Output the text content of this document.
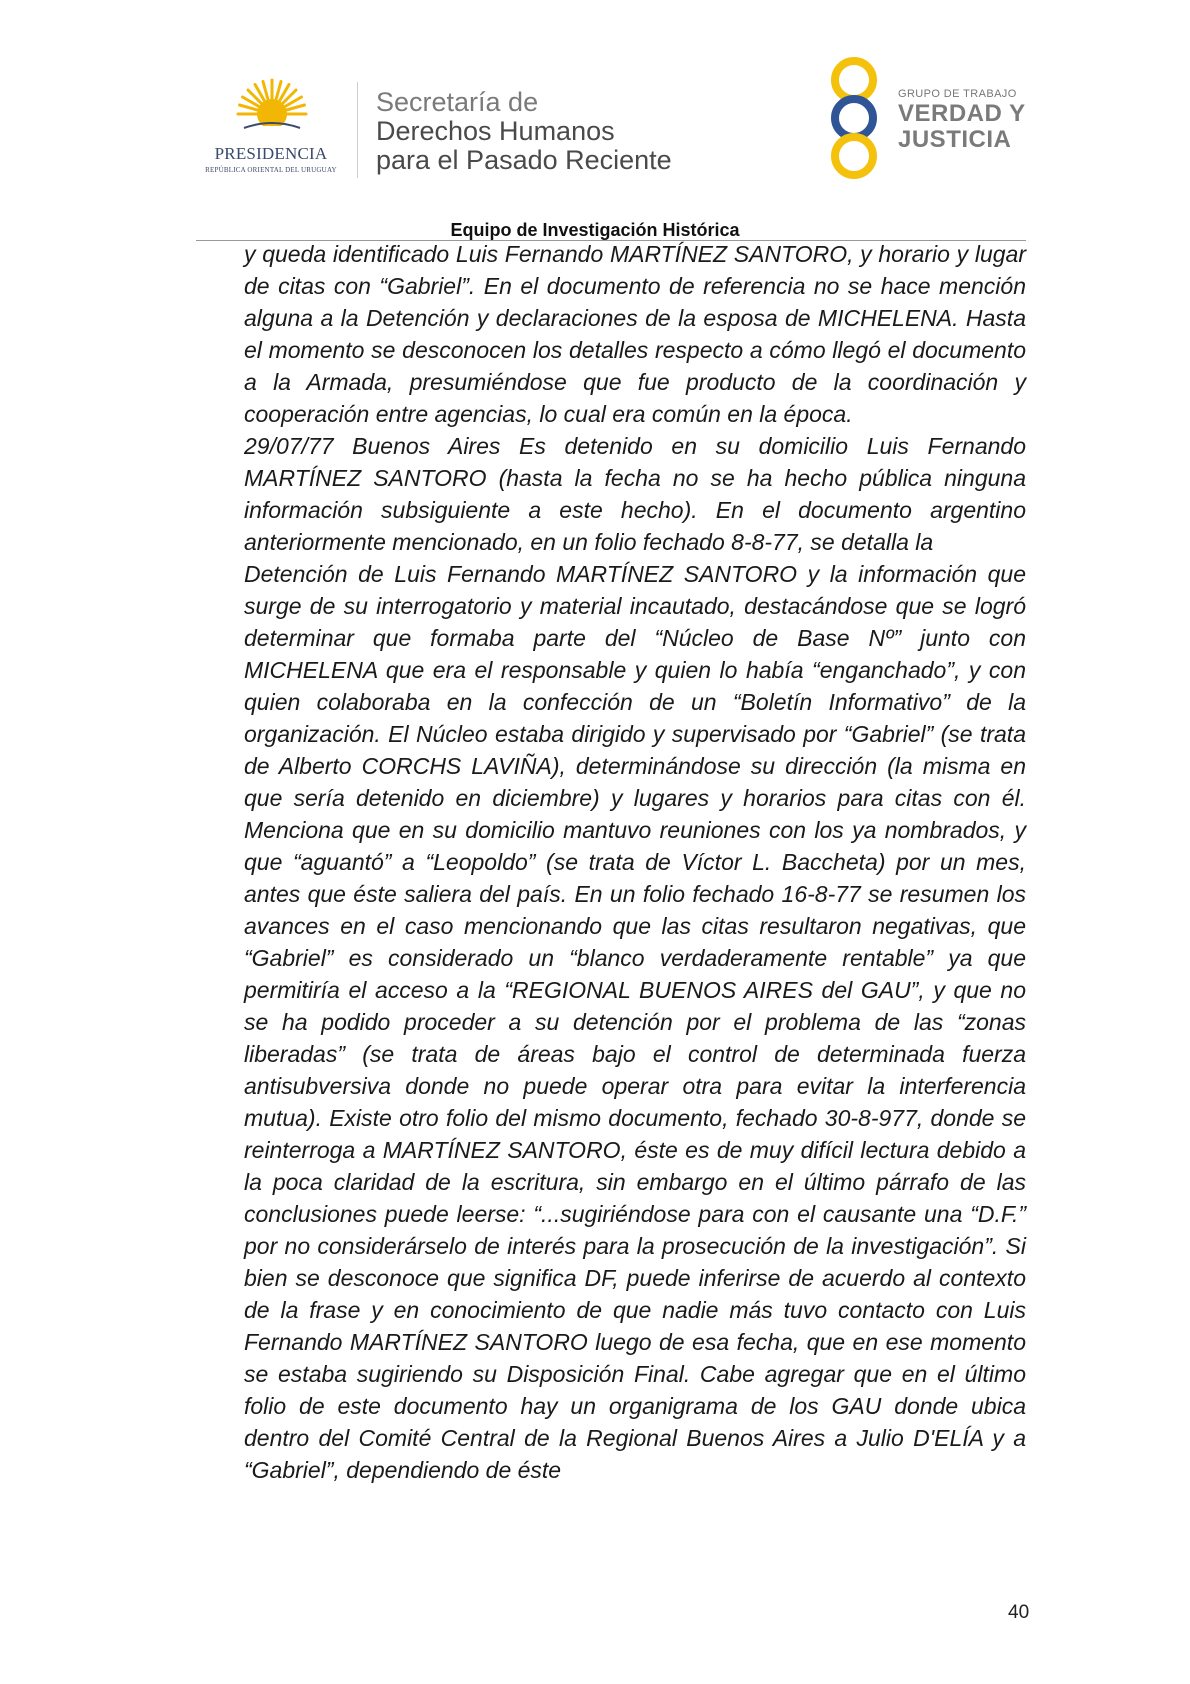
PRESIDENCIA
REPÚBLICA ORIENTAL DEL URUGUAY
Secretaría de
Derechos Humanos
para el Pasado Reciente
GRUPO DE TRABAJO
VERDAD Y
JUSTICIA
Equipo de Investigación Histórica

y queda identificado Luis Fernando MARTÍNEZ SANTORO, y horario y lugar de citas con “Gabriel”. En el documento de referencia no se hace mención alguna a la Detención y declaraciones de la esposa de MICHELENA. Hasta el momento se desconocen los detalles respecto a cómo llegó el documento a la Armada, presumiéndose que fue producto de la coordinación y cooperación entre agencias, lo cual era común en la época.

29/07/77 Buenos Aires Es detenido en su domicilio Luis Fernando MARTÍNEZ SANTORO (hasta la fecha no se ha hecho pública ninguna información subsiguiente a este hecho). En el documento argentino anteriormente mencionado, en un folio fechado 8-8-77, se detalla la

Detención de Luis Fernando MARTÍNEZ SANTORO y la información que surge de su interrogatorio y material incautado, destacándose que se logró determinar que formaba parte del “Núcleo de Base Nº” junto con MICHELENA que era el responsable y quien lo había “enganchado”, y con quien colaboraba en la confección de un “Boletín Informativo” de la organización. El Núcleo estaba dirigido y supervisado por “Gabriel” (se trata de Alberto CORCHS LAVIÑA), determinándose su dirección (la misma en que sería detenido en diciembre) y lugares y horarios para citas con él. Menciona que en su domicilio mantuvo reuniones con los ya nombrados, y que “aguantó” a “Leopoldo” (se trata de Víctor L. Baccheta) por un mes, antes que éste saliera del país. En un folio fechado 16-8-77 se resumen los avances en el caso mencionando que las citas resultaron negativas, que “Gabriel” es considerado un “blanco verdaderamente rentable” ya que permitiría el acceso a la “REGIONAL BUENOS AIRES del GAU”, y que no se ha podido proceder a su detención por el problema de las “zonas liberadas” (se trata de áreas bajo el control de determinada fuerza antisubversiva donde no puede operar otra para evitar la interferencia mutua). Existe otro folio del mismo documento, fechado 30-8-977, donde se reinterroga a MARTÍNEZ SANTORO, éste es de muy difícil lectura debido a la poca claridad de la escritura, sin embargo en el último párrafo de las conclusiones puede leerse: “...sugiriéndose para con el causante una “D.F.” por no considerárselo de interés para la prosecución de la investigación”. Si bien se desconoce que significa DF, puede inferirse de acuerdo al contexto de la frase y en conocimiento de que nadie más tuvo contacto con Luis Fernando MARTÍNEZ SANTORO luego de esa fecha, que en ese momento se estaba sugiriendo su Disposición Final. Cabe agregar que en el último folio de este documento hay un organigrama de los GAU donde ubica dentro del Comité Central de la Regional Buenos Aires a Julio D'ELÍA y a “Gabriel”, dependiendo de éste

40
